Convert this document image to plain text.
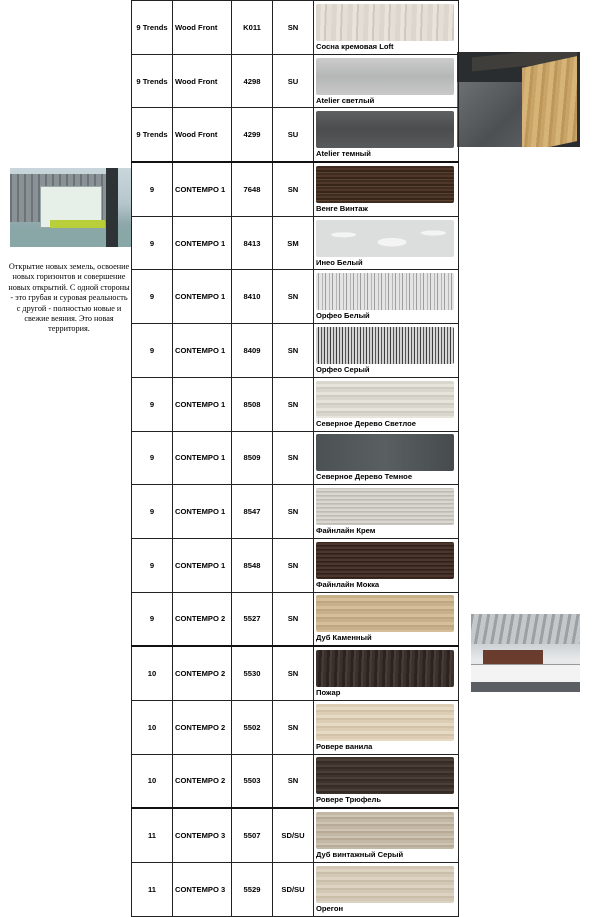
Открытие новых земель, освоение новых горизонтов и совершение новых открытий. С одной стороны - это грубая и суровая реальность с другой - полностью новые и свежие веяния. Это новая территория.

9 Trends	Wood Front	K011	SN	Сосна кремовая Loft

9 Trends	Wood Front	4298	SU	Atelier светлый

9 Trends	Wood Front	4299	SU	Atelier темный

9	CONTEMPO 1	7648	SN	Венге Винтаж

9	CONTEMPO 1	8413	SM	Инео Белый

9	CONTEMPO 1	8410	SN	Орфео Белый

9	CONTEMPO 1	8409	SN	Орфео Серый

9	CONTEMPO 1	8508	SN	Северное Дерево Светлое

9	CONTEMPO 1	8509	SN	Северное Дерево Темное

9	CONTEMPO 1	8547	SN	Файнлайн Крем

9	CONTEMPO 1	8548	SN	Файнлайн Мокка

9	CONTEMPO 2	5527	SN	Дуб Каменный

10	CONTEMPO 2	5530	SN	Пожар

10	CONTEMPO 2	5502	SN	Ровере ванила

10	CONTEMPO 2	5503	SN	Ровере Трюфель

11	CONTEMPO 3	5507	SD/SU	Дуб винтажный Серый

11	CONTEMPO 3	5529	SD/SU	Орегон
